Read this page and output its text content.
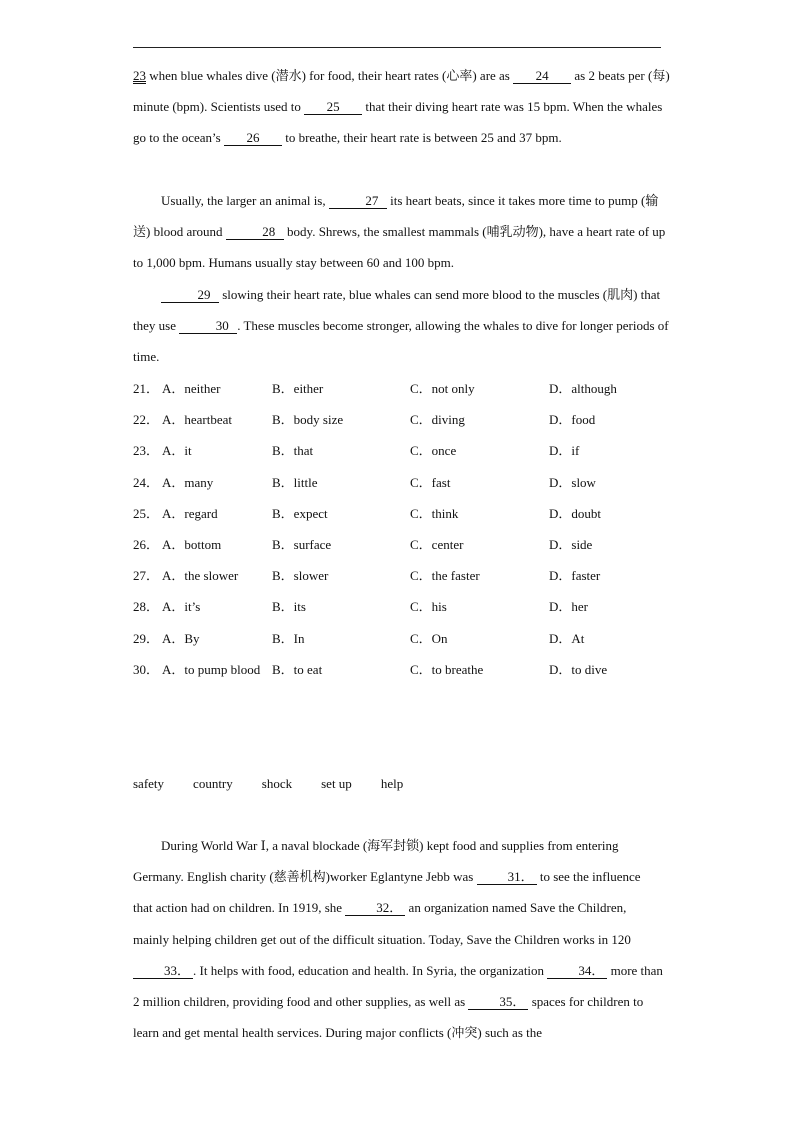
23 when blue whales dive (潜水) for food, their heart rates (心率) are as 24 as 2 beats per (每) minute (bpm). Scientists used to 25 that their diving heart rate was 15 bpm. When the whales go to the ocean’s 26 to breathe, their heart rate is between 25 and 37 bpm.
Usually, the larger an animal is,	27 its heart beats, since it takes more time to pump (输送) blood around	28 body. Shrews, the smallest mammals (哺乳动物), have a heart rate of up to 1,000 bpm. Humans usually stay between 60 and 100 bpm.
29 slowing their heart rate, blue whales can send more blood to the muscles (肌肉) that they use	30 . These muscles become stronger, allowing the whales to dive for longer periods of time.
21． A．neither	B．either	C．not only	D．although
22． A．heartbeat	B．body size	C．diving	D．food
23． A．it	B．that	C．once	D．if
24． A．many	B．little	C．fast	D．slow
25． A．regard	B．expect	C．think	D．doubt
26． A．bottom	B．surface	C．center	D．side
27． A．the slower	B．slower	C．the faster	D．faster
28． A．it’s	B．its	C．his	D．her
29． A．By	B．In	C．On	D．At
30． A．to pump blood B．to eat	C．to breathe	D．to dive
safety country shock set up help
During World War Ⅰ, a naval blockade (海军封锁) kept food and supplies from entering Germany. English charity (慈善机构)worker Eglantyne Jebb was 31． to see the influence that action had on children. In 1919, she 32． an organization named Save the Children, mainly helping children get out of the difficult situation. Today, Save the Children works in 120 33． . It helps with food, education and health. In Syria, the organization 34． more than 2 million children, providing food and other supplies, as well as 35． spaces for children to learn and get mental health services. During major conflicts (冲突) such as the
